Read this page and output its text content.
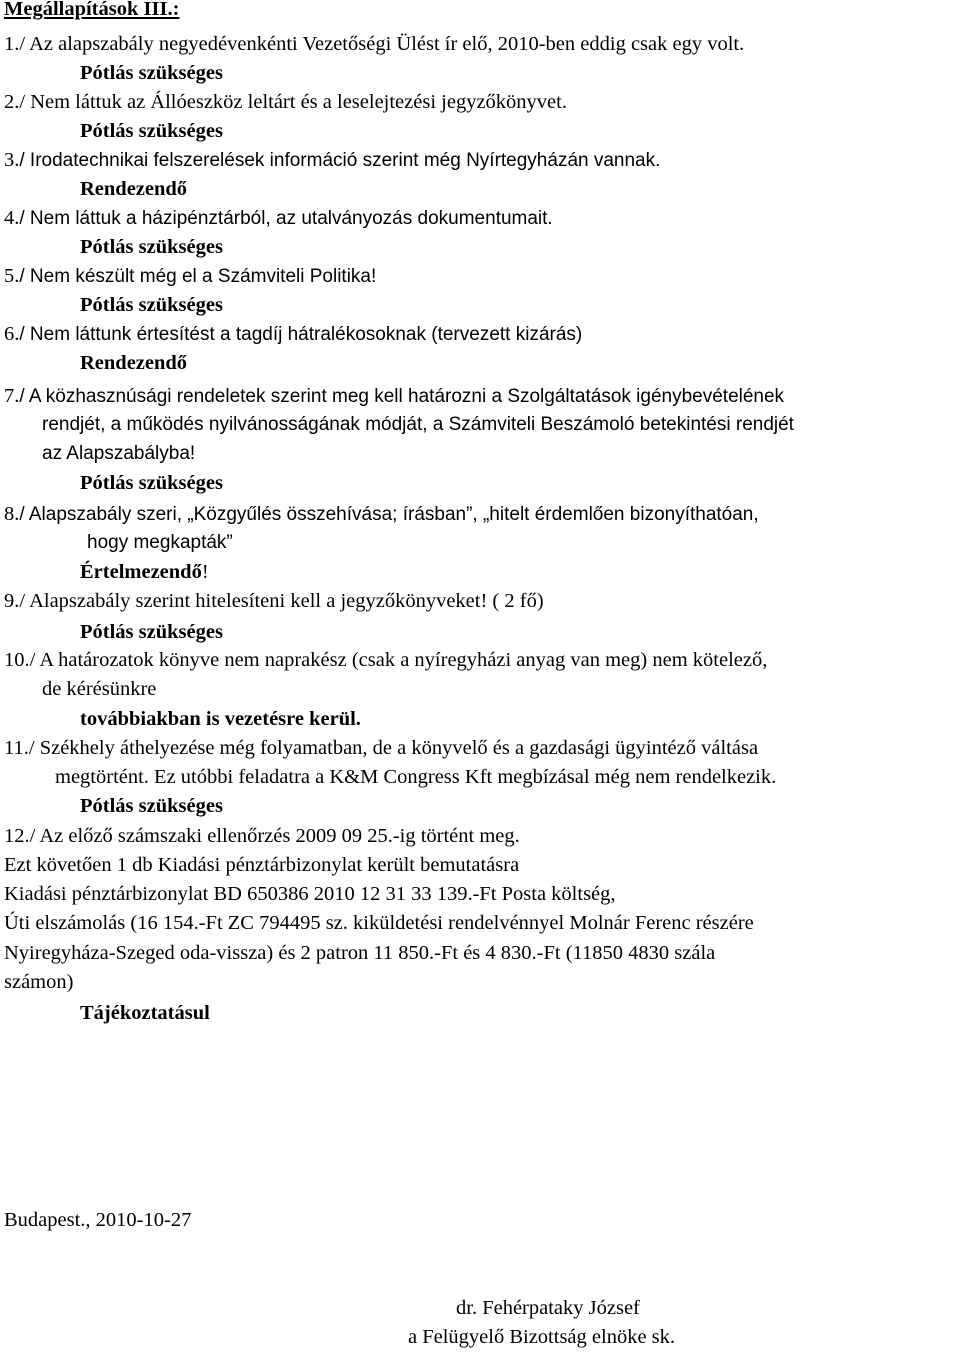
Megállapítások III.:
1./ Az alapszabály negyedévenkénti Vezetőségi Ülést ír elő, 2010-ben eddig csak egy volt.
Pótlás szükséges
2./ Nem láttuk az Állóeszköz leltárt és a leselejtezési jegyzőkönyvet.
Pótlás szükséges
3./ Irodatechnikai felszerelések információ szerint még Nyírtegyházán vannak.
Rendezendő
4./ Nem láttuk a házipénztárból, az utalványozás dokumentumait.
Pótlás szükséges
5./ Nem készült még el a Számviteli Politika!
Pótlás szükséges
6./ Nem láttunk értesítést a tagdíj hátralékosoknak (tervezett kizárás)
Rendezendő
7./ A közhasznúsági rendeletek szerint meg kell határozni a Szolgáltatások igénybevételének
rendjét, a működés nyilvánosságának módját, a Számviteli Beszámoló betekintési rendjét
az Alapszabályba!
Pótlás szükséges
8./ Alapszabály szeri, „Közgyűlés összehívása; írásban”, „hitelt érdemlően bizonyíthatóan,
hogy megkapták”
Értelmezendő!
9./ Alapszabály szerint hitelesíteni kell a jegyzőkönyveket! ( 2 fő)
Pótlás szükséges
10./ A határozatok könyve nem naprakész (csak a nyíregyházi anyag van meg) nem kötelező,
de kérésünkre
továbbiakban is vezetésre kerül.
11./ Székhely áthelyezése még folyamatban, de a könyvelő és a gazdasági ügyintéző váltása
megtörtént. Ez utóbbi feladatra a K&M Congress Kft megbízásal még nem rendelkezik.
Pótlás szükséges
12./ Az előző számszaki ellenőrzés 2009 09 25.-ig történt meg.
Ezt követően 1 db Kiadási pénztárbizonylat került bemutatásra
Kiadási pénztárbizonylat BD 650386 2010 12 31 33 139.-Ft Posta költség,
Úti elszámolás (16 154.-Ft ZC 794495 sz. kiküldetési rendelvénnyel Molnár Ferenc részére
Nyiregyháza-Szeged oda-vissza) és 2 patron 11 850.-Ft és 4 830.-Ft (11850 4830 szála
számon)
Tájékoztatásul
Budapest., 2010-10-27
dr. Fehérpataky József
a Felügyelő Bizottság elnöke sk.
